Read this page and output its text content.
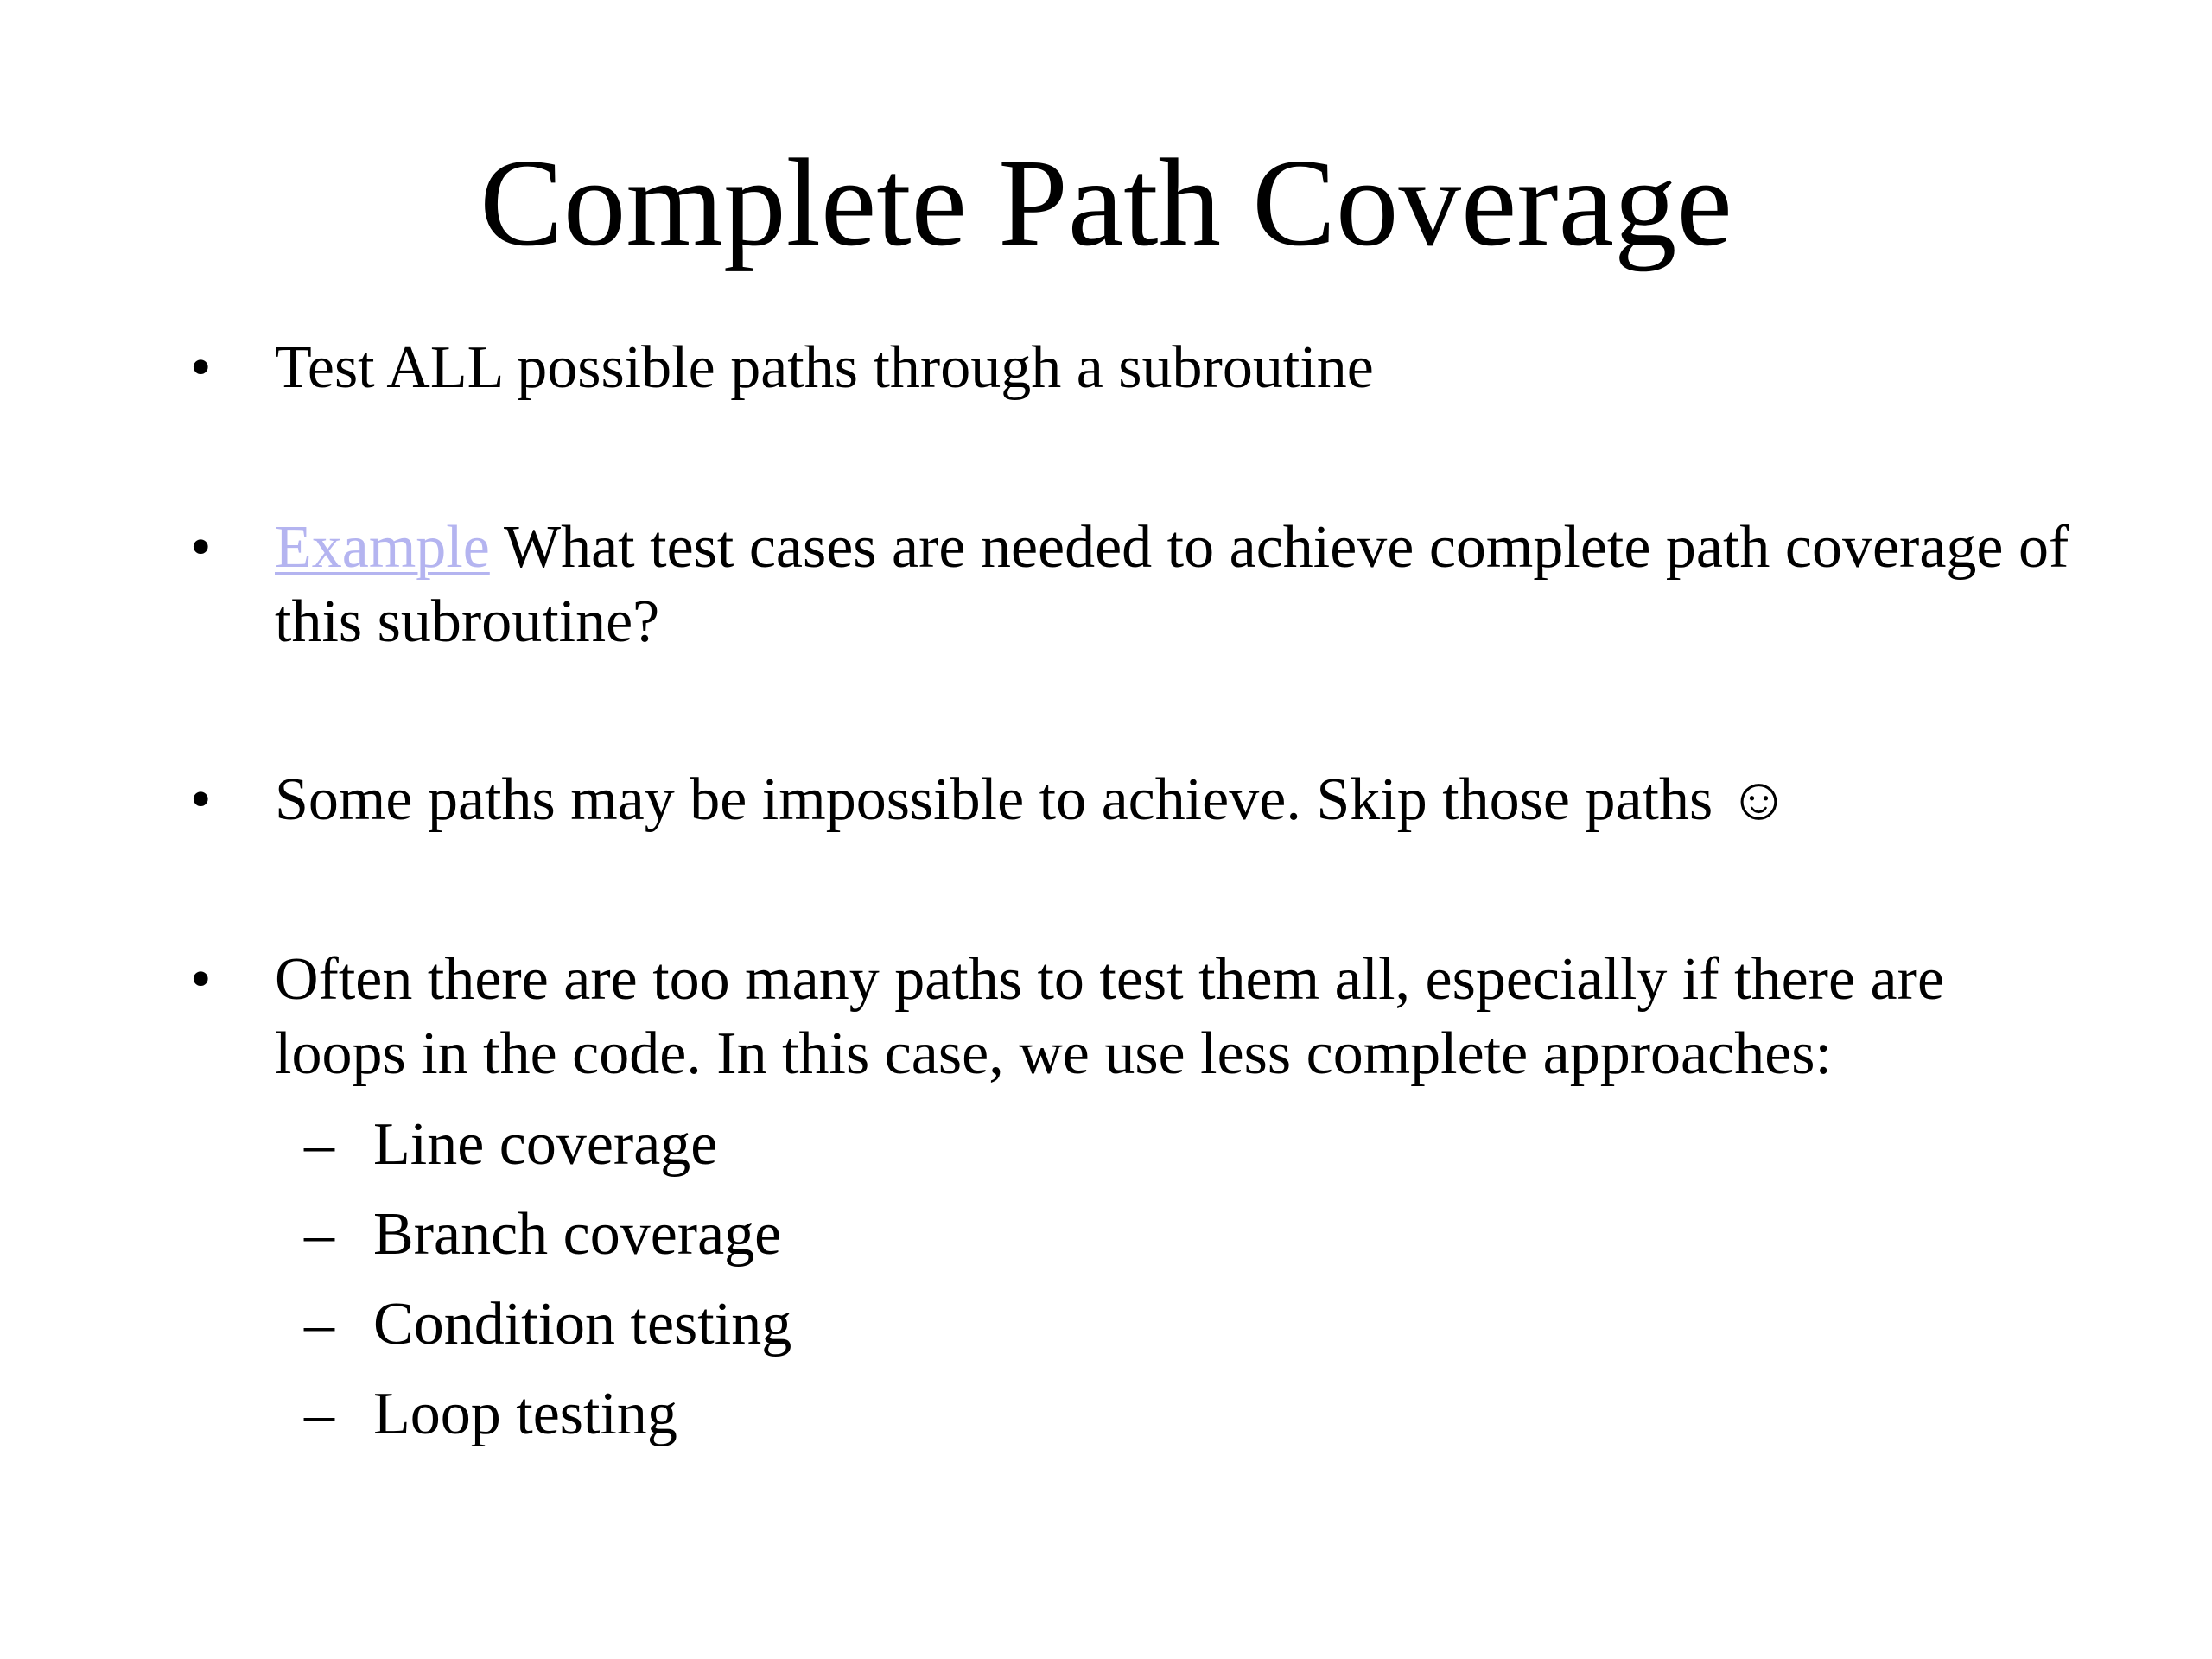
Complete Path Coverage
• Test ALL possible paths through a subroutine
• Example What test cases are needed to achieve complete path coverage of this subroutine?
• Some paths may be impossible to achieve. Skip those paths ☺
• Often there are too many paths to test them all, especially if there are loops in the code. In this case, we use less complete approaches:
– Line coverage
– Branch coverage
– Condition testing
– Loop testing
